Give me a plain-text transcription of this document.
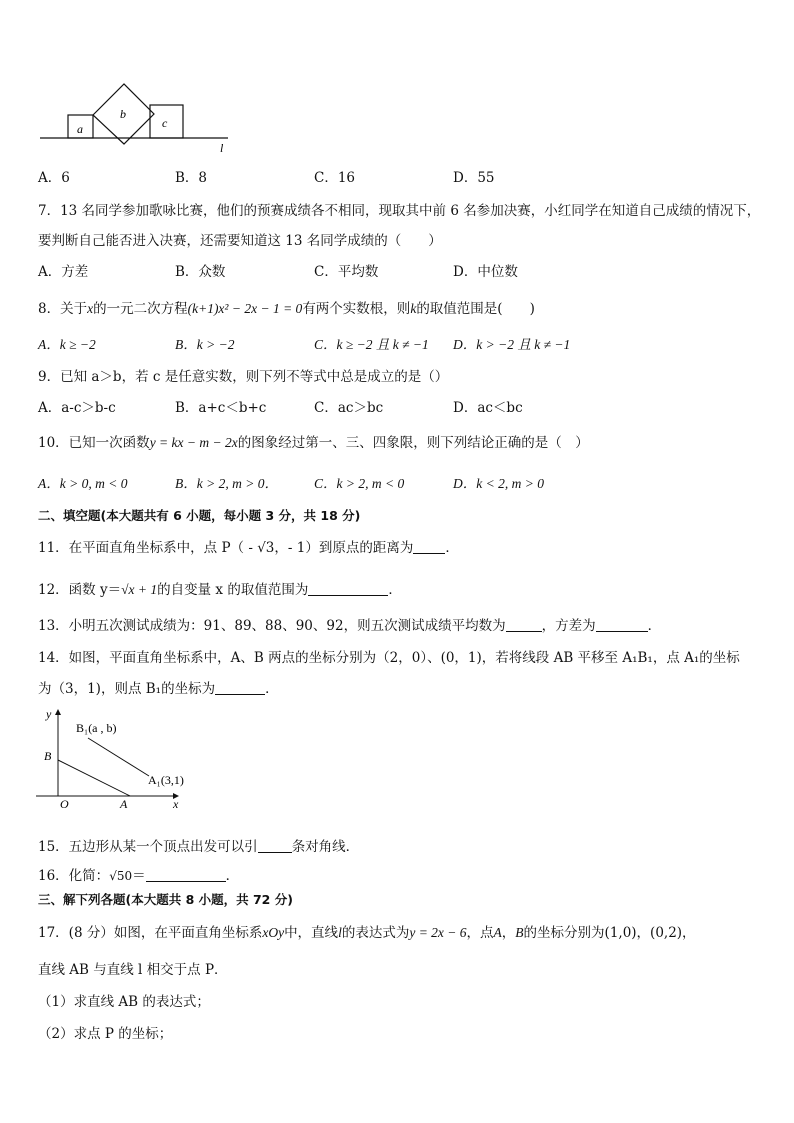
a
b
c
l
A．6	B．8	C．16	D．55
7．13 名同学参加歌咏比赛，他们的预赛成绩各不相同，现取其中前 6 名参加决赛，小红同学在知道自己成绩的情况下，
要判断自己能否进入决赛，还需要知道这 13 名同学成绩的（　　）
A．方差	B．众数	C．平均数	D．中位数
8．关于x的一元二次方程(k+1)x² − 2x − 1 = 0有两个实数根，则k的取值范围是(　　)
A．k ≥ −2	B．k > −2	C．k ≥ −2 且 k ≠ −1 D．k > −2 且 k ≠ −1
9．已知 a＞b，若 c 是任意实数，则下列不等式中总是成立的是（）
A．a-c＞b-c	B．a+c＜b+c	C．ac＞bc	D．ac＜bc
10．已知一次函数y = kx − m − 2x的图象经过第一、三、四象限，则下列结论正确的是（　）
A．k > 0, m < 0	B．k > 2, m > 0．	C．k > 2, m < 0	D．k < 2, m > 0
二、填空题(本大题共有 6 小题，每小题 3 分，共 18 分)
11．在平面直角坐标系中，点 P（ - √3，- 1）到原点的距离为 ．
12．函数 y＝√x + 1的自变量 x 的取值范围为	．
13．小明五次测试成绩为：91、89、88、90、92，则五次测试成绩平均数为	，方差为	．
14．如图，平面直角坐标系中，A、B 两点的坐标分别为（2，0）、(0，1)，若将线段 AB 平移至 A₁B₁，点 A₁的坐标
为（3，1)，则点 B₁的坐标为	．
y
x
B
O	A
B₁(a , b)
A₁(3,1)
15．五边形从某一个顶点出发可以引	条对角线．
16．化简：√50＝	．
三、解下列各题(本大题共 8 小题，共 72 分)
17．(8 分）如图，在平面直角坐标系xOy中，直线l的表达式为y = 2x − 6，点A，B的坐标分别为(1,0)，(0,2)，
直线 AB 与直线 l 相交于点 P．
（1）求直线 AB 的表达式；
（2）求点 P 的坐标；
